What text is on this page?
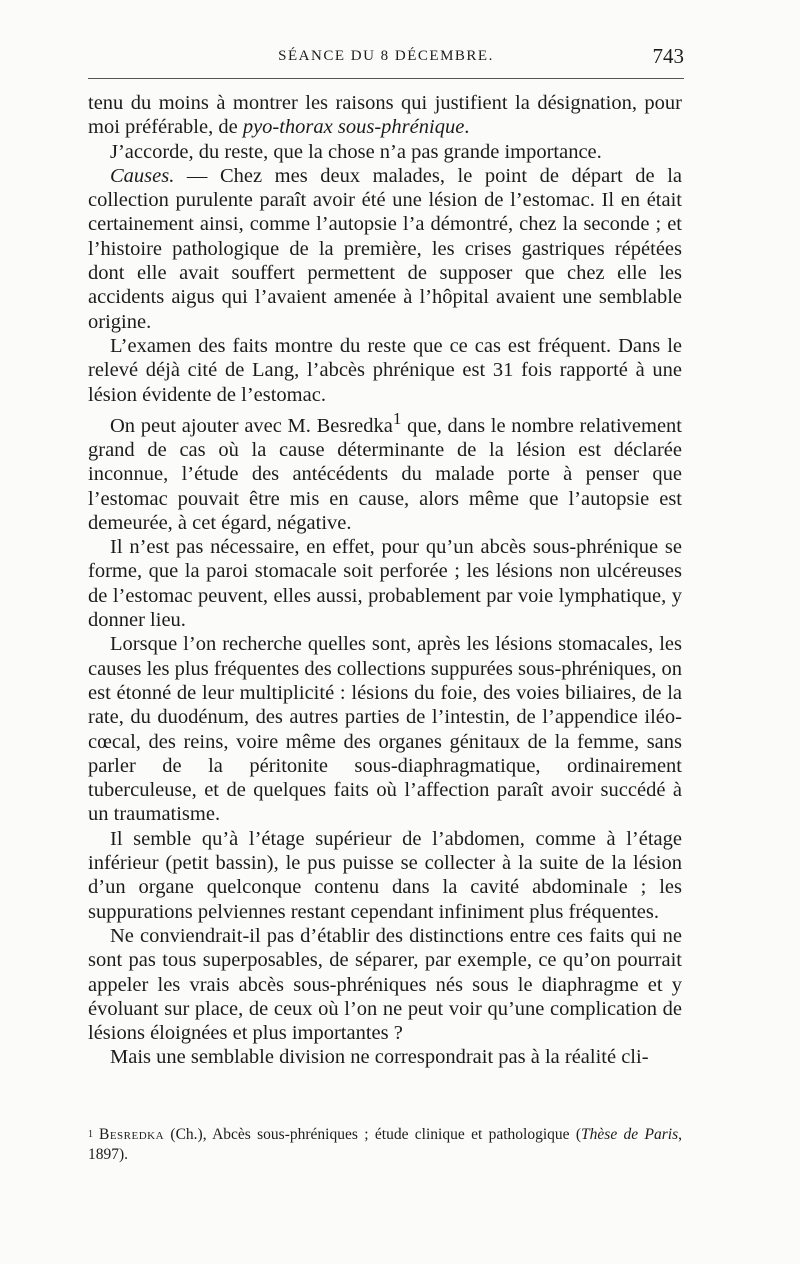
SÉANCE DU 8 DÉCEMBRE.	743

tenu du moins à montrer les raisons qui justifient la désignation, pour moi préférable, de pyo-thorax sous-phrénique.

J’accorde, du reste, que la chose n’a pas grande importance.

Causes. — Chez mes deux malades, le point de départ de la collection purulente paraît avoir été une lésion de l’estomac. Il en était certainement ainsi, comme l’autopsie l’a démontré, chez la seconde ; et l’histoire pathologique de la première, les crises gastriques répétées dont elle avait souffert permettent de supposer que chez elle les accidents aigus qui l’avaient amenée à l’hôpital avaient une semblable origine.

L’examen des faits montre du reste que ce cas est fréquent. Dans le relevé déjà cité de Lang, l’abcès phrénique est 31 fois rapporté à une lésion évidente de l’estomac.

On peut ajouter avec M. Besredka$^1$ que, dans le nombre relativement grand de cas où la cause déterminante de la lésion est déclarée inconnue, l’étude des antécédents du malade porte à penser que l’estomac pouvait être mis en cause, alors même que l’autopsie est demeurée, à cet égard, négative.

Il n’est pas nécessaire, en effet, pour qu’un abcès sous-phrénique se forme, que la paroi stomacale soit perforée ; les lésions non ulcéreuses de l’estomac peuvent, elles aussi, probablement par voie lymphatique, y donner lieu.

Lorsque l’on recherche quelles sont, après les lésions stomacales, les causes les plus fréquentes des collections suppurées sous-phréniques, on est étonné de leur multiplicité : lésions du foie, des voies biliaires, de la rate, du duodénum, des autres parties de l’intestin, de l’appendice iléo-cœcal, des reins, voire même des organes génitaux de la femme, sans parler de la péritonite sous-diaphragmatique, ordinairement tuberculeuse, et de quelques faits où l’affection paraît avoir succédé à un traumatisme.

Il semble qu’à l’étage supérieur de l’abdomen, comme à l’étage inférieur (petit bassin), le pus puisse se collecter à la suite de la lésion d’un organe quelconque contenu dans la cavité abdominale ; les suppurations pelviennes restant cependant infiniment plus fréquentes.

Ne conviendrait-il pas d’établir des distinctions entre ces faits qui ne sont pas tous superposables, de séparer, par exemple, ce qu’on pourrait appeler les vrais abcès sous-phréniques nés sous le diaphragme et y évoluant sur place, de ceux où l’on ne peut voir qu’une complication de lésions éloignées et plus importantes ?

Mais une semblable division ne correspondrait pas à la réalité cli-

$^1$ Besredka (Ch.), Abcès sous-phréniques ; étude clinique et pathologique (Thèse de Paris, 1897).
